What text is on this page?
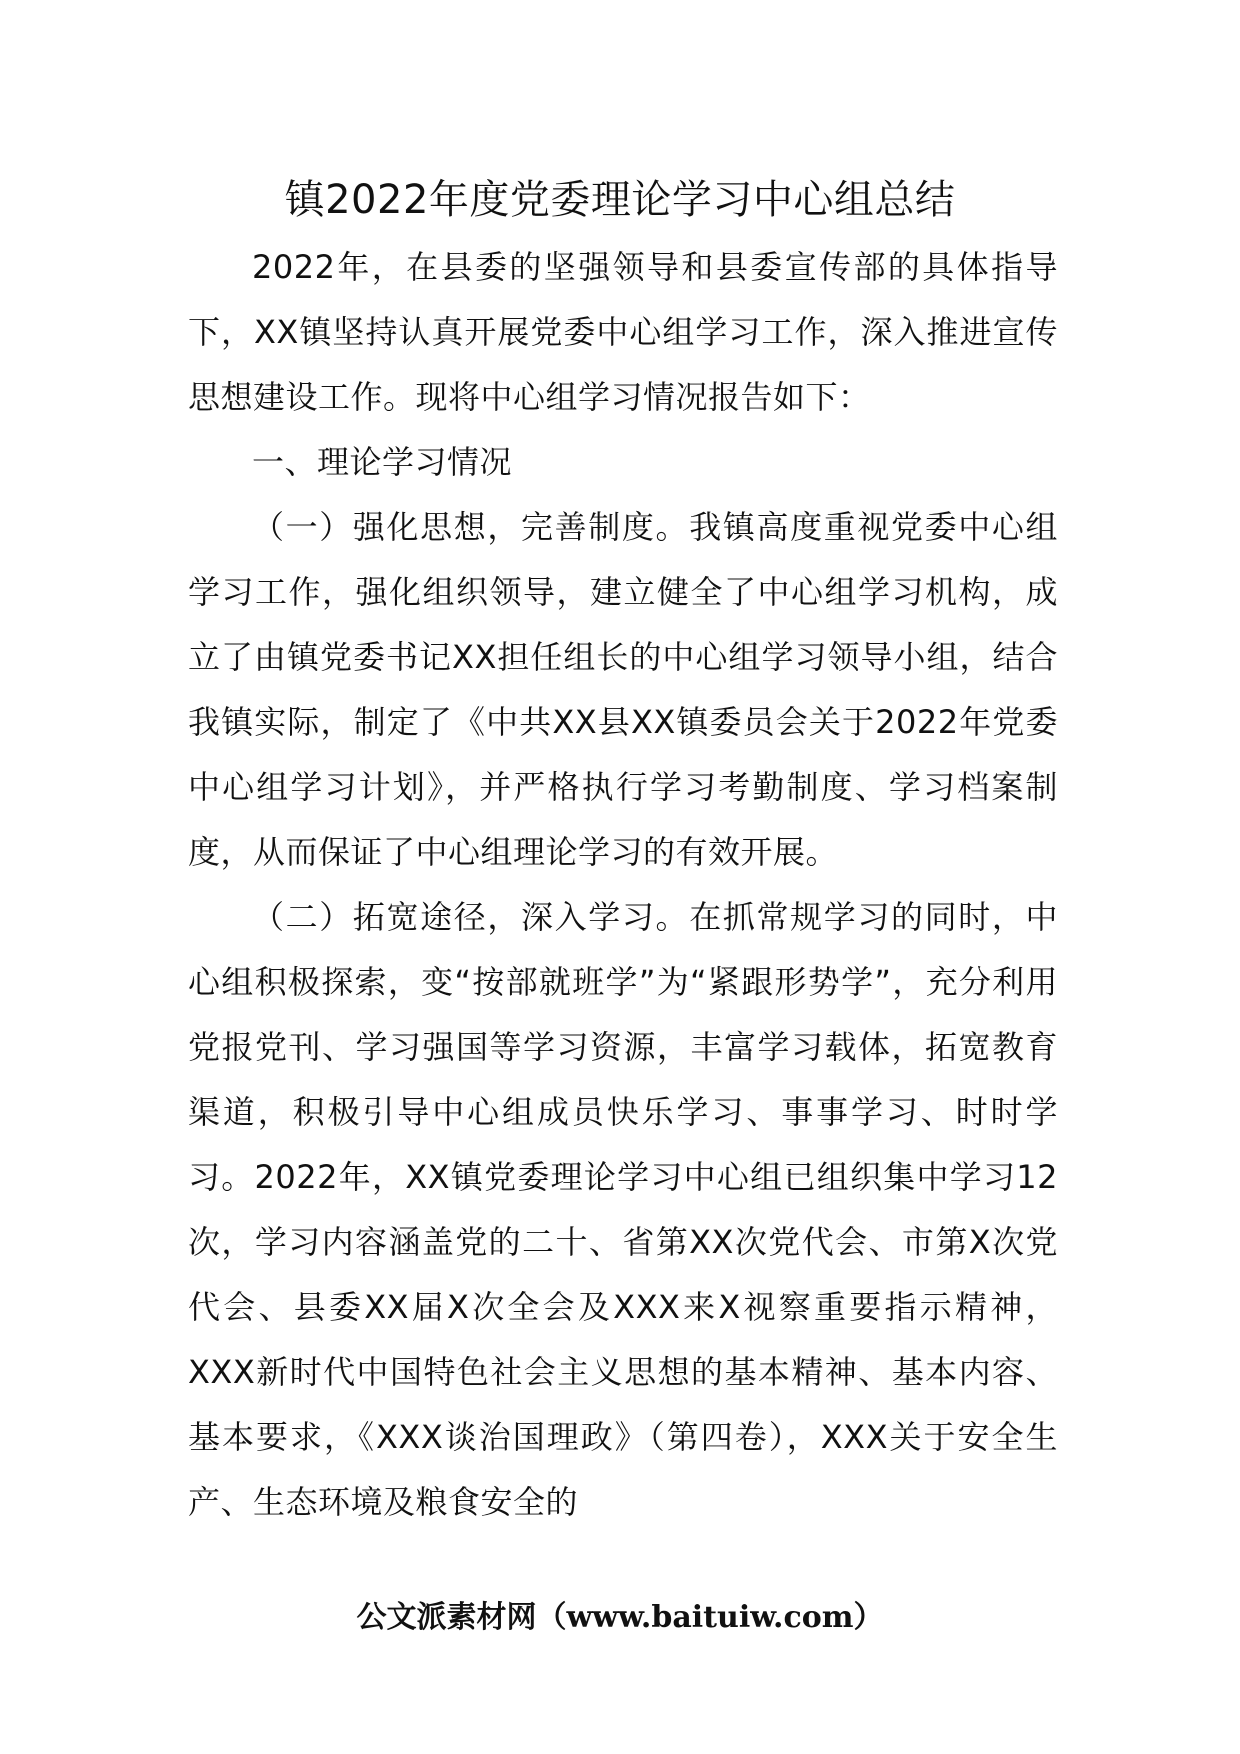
镇2022年度党委理论学习中心组总结

2022年，在县委的坚强领导和县委宣传部的具体指导下，XX镇坚持认真开展党委中心组学习工作，深入推进宣传思想建设工作。现将中心组学习情况报告如下：

一、理论学习情况

（一）强化思想，完善制度。我镇高度重视党委中心组学习工作，强化组织领导，建立健全了中心组学习机构，成立了由镇党委书记XX担任组长的中心组学习领导小组，结合我镇实际，制定了《中共XX县XX镇委员会关于2022年党委中心组学习计划》，并严格执行学习考勤制度、学习档案制度，从而保证了中心组理论学习的有效开展。

（二）拓宽途径，深入学习。在抓常规学习的同时，中心组积极探索，变“按部就班学”为“紧跟形势学”，充分利用党报党刊、学习强国等学习资源，丰富学习载体，拓宽教育渠道，积极引导中心组成员快乐学习、事事学习、时时学习。2022年，XX镇党委理论学习中心组已组织集中学习12次，学习内容涵盖党的二十、省第XX次党代会、市第X次党代会、县委XX届X次全会及XXX来X视察重要指示精神，XXX新时代中国特色社会主义思想的基本精神、基本内容、基本要求，《XXX谈治国理政》（第四卷），XXX关于安全生产、生态环境及粮食安全的

公文派素材网（www.baituiw.com）
